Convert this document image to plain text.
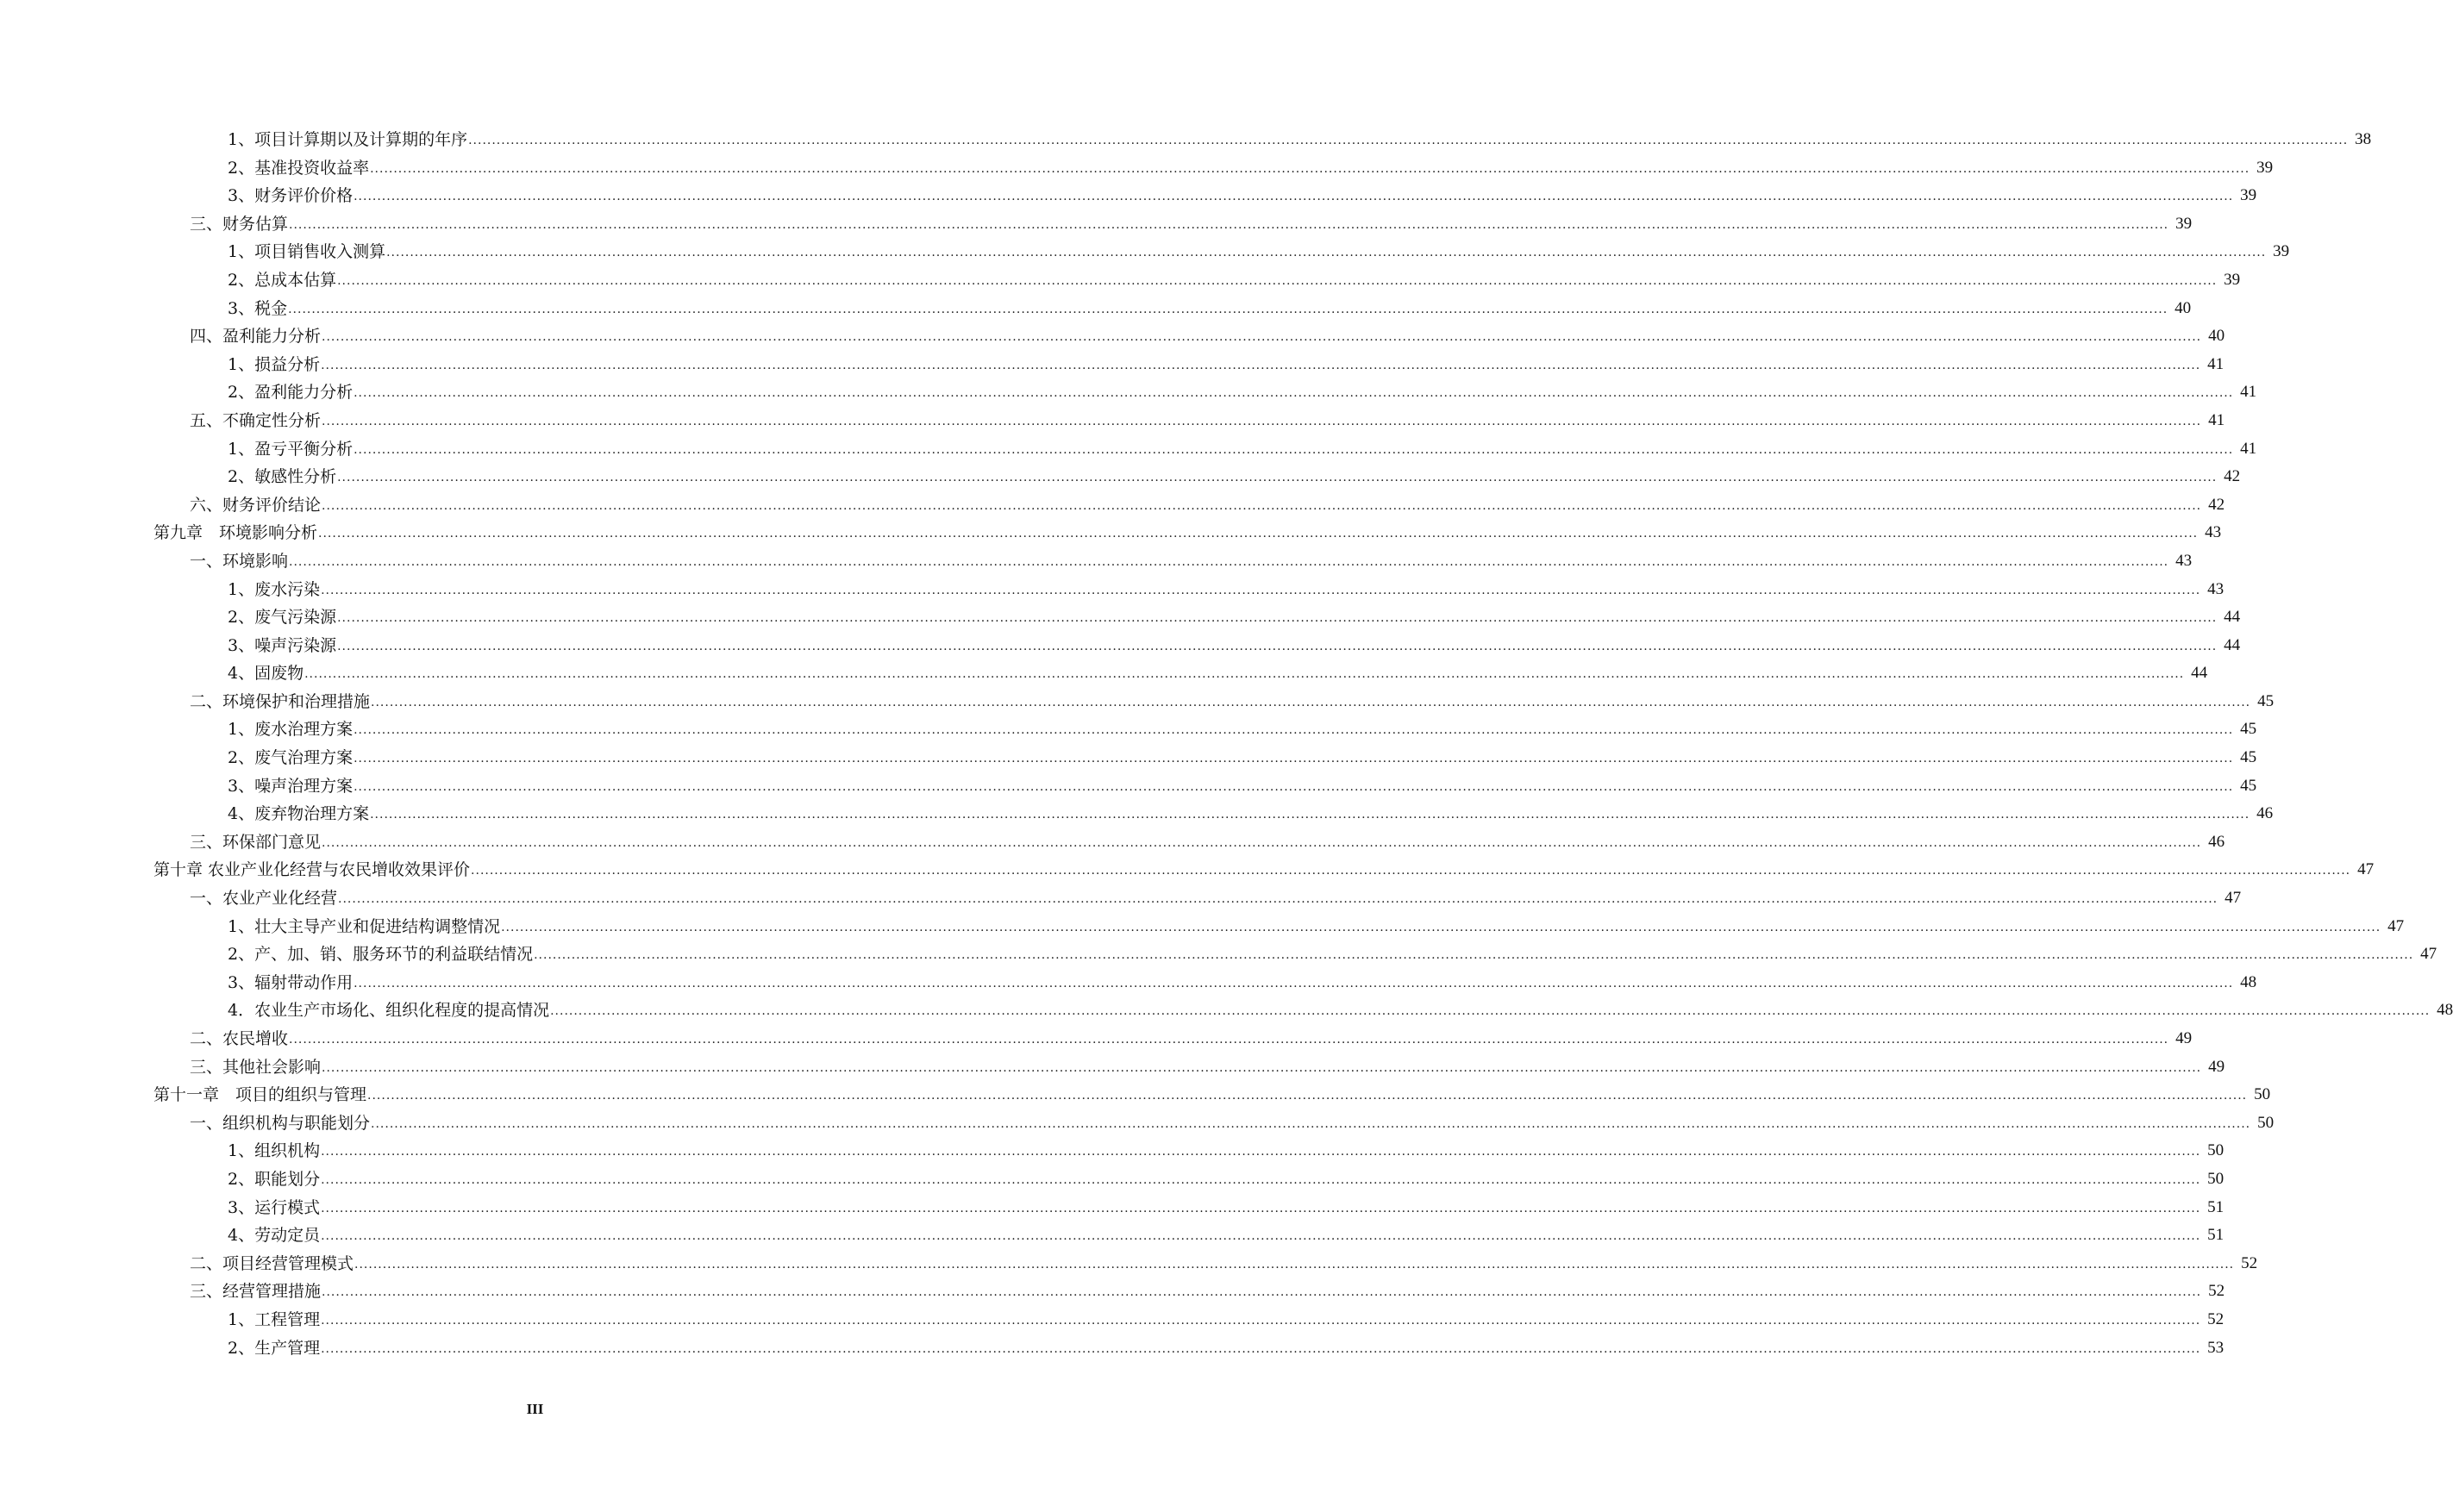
1、项目计算期以及计算期的年序 ................................................................................................................................................................................................................................................................................................................................................................................................................ 38
2、基准投资收益率 ................................................................................................................................................................................................................................................................................................................................................................................................................ 39
3、财务评价价格 ................................................................................................................................................................................................................................................................................................................................................................................................................ 39
三、财务估算 ................................................................................................................................................................................................................................................................................................................................................................................................................ 39
1、项目销售收入测算 ................................................................................................................................................................................................................................................................................................................................................................................................................ 39
2、总成本估算 ................................................................................................................................................................................................................................................................................................................................................................................................................ 39
3、税金 ................................................................................................................................................................................................................................................................................................................................................................................................................ 40
四、盈利能力分析 ................................................................................................................................................................................................................................................................................................................................................................................................................ 40
1、损益分析 ................................................................................................................................................................................................................................................................................................................................................................................................................ 41
2、盈利能力分析 ................................................................................................................................................................................................................................................................................................................................................................................................................ 41
五、不确定性分析 ................................................................................................................................................................................................................................................................................................................................................................................................................ 41
1、盈亏平衡分析 ................................................................................................................................................................................................................................................................................................................................................................................................................ 41
2、敏感性分析 ................................................................................................................................................................................................................................................................................................................................................................................................................ 42
六、财务评价结论 ................................................................................................................................................................................................................................................................................................................................................................................................................ 42
第九章　环境影响分析 ................................................................................................................................................................................................................................................................................................................................................................................................................ 43
一、环境影响 ................................................................................................................................................................................................................................................................................................................................................................................................................ 43
1、废水污染 ................................................................................................................................................................................................................................................................................................................................................................................................................ 43
2、废气污染源 ................................................................................................................................................................................................................................................................................................................................................................................................................ 44
3、噪声污染源 ................................................................................................................................................................................................................................................................................................................................................................................................................ 44
4、固废物 ................................................................................................................................................................................................................................................................................................................................................................................................................ 44
二、环境保护和治理措施 ................................................................................................................................................................................................................................................................................................................................................................................................................ 45
1、废水治理方案 ................................................................................................................................................................................................................................................................................................................................................................................................................ 45
2、废气治理方案 ................................................................................................................................................................................................................................................................................................................................................................................................................ 45
3、噪声治理方案 ................................................................................................................................................................................................................................................................................................................................................................................................................ 45
4、废弃物治理方案 ................................................................................................................................................................................................................................................................................................................................................................................................................ 46
三、环保部门意见 ................................................................................................................................................................................................................................................................................................................................................................................................................ 46
第十章 农业产业化经营与农民增收效果评价 ................................................................................................................................................................................................................................................................................................................................................................................................................ 47
一、农业产业化经营 ................................................................................................................................................................................................................................................................................................................................................................................................................ 47
1、壮大主导产业和促进结构调整情况 ................................................................................................................................................................................................................................................................................................................................................................................................................ 47
2、产、加、销、服务环节的利益联结情况 ................................................................................................................................................................................................................................................................................................................................................................................................................ 47
3、辐射带动作用 ................................................................................................................................................................................................................................................................................................................................................................................................................ 48
4．农业生产市场化、组织化程度的提高情况 ................................................................................................................................................................................................................................................................................................................................................................................................................ 48
二、农民增收 ................................................................................................................................................................................................................................................................................................................................................................................................................ 49
三、其他社会影响 ................................................................................................................................................................................................................................................................................................................................................................................................................ 49
第十一章　项目的组织与管理 ................................................................................................................................................................................................................................................................................................................................................................................................................ 50
一、组织机构与职能划分 ................................................................................................................................................................................................................................................................................................................................................................................................................ 50
1、组织机构 ................................................................................................................................................................................................................................................................................................................................................................................................................ 50
2、职能划分 ................................................................................................................................................................................................................................................................................................................................................................................................................ 50
3、运行模式 ................................................................................................................................................................................................................................................................................................................................................................................................................ 51
4、劳动定员 ................................................................................................................................................................................................................................................................................................................................................................................................................ 51
二、项目经营管理模式 ................................................................................................................................................................................................................................................................................................................................................................................................................ 52
三、经营管理措施 ................................................................................................................................................................................................................................................................................................................................................................................................................ 52
1、工程管理 ................................................................................................................................................................................................................................................................................................................................................................................................................ 52
2、生产管理 ................................................................................................................................................................................................................................................................................................................................................................................................................ 53
III
